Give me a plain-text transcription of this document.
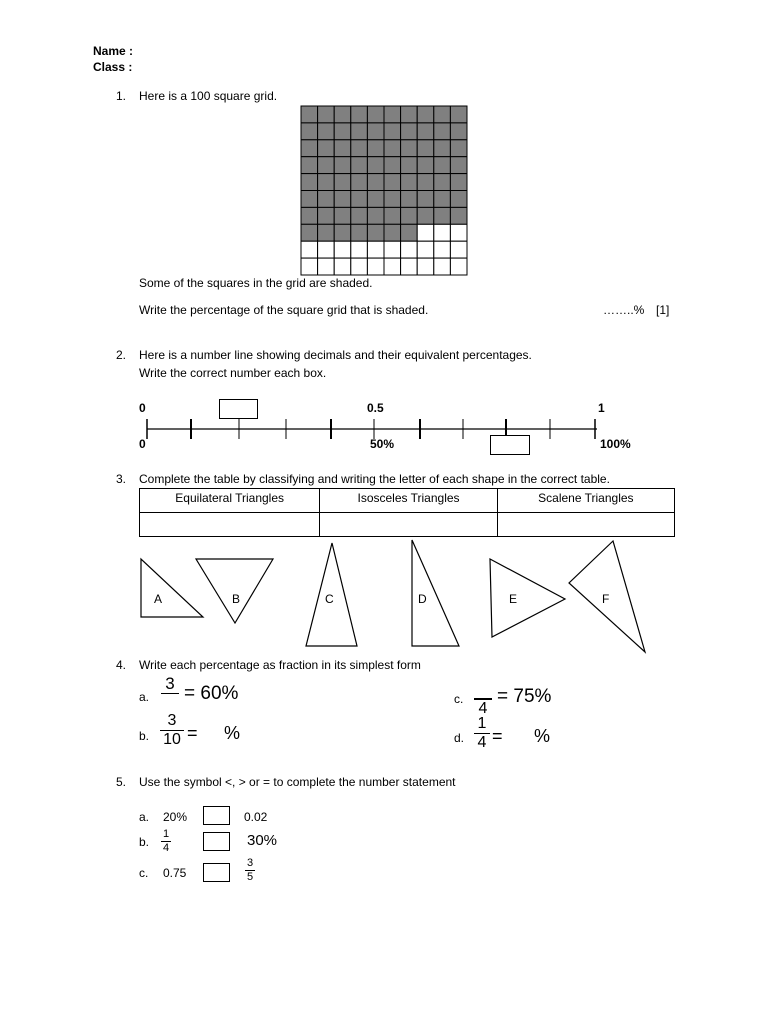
Name :
Class :
1. Here is a 100 square grid.
Some of the squares in the grid are shaded.
Write the percentage of the square grid that is shaded.	……..% [1]
2. Here is a number line showing decimals and their equivalent percentages.
Write the correct number each box.
0	0.5	1
0	50%	100%
3. Complete the table by classifying and writing the letter of each shape in the correct table.
Equilateral Triangles	Isosceles Triangles	Scalene Triangles

A	B	C	D	E	F
4. Write each percentage as fraction in its simplest form
a.
3
= 60%
b. $\frac{3}{10}$ = %
c.

4
= 75%
d. $\frac{1}{4}$ = %
5. Use the symbol <, > or = to complete the number statement
a. 20%	0.02
b. $\frac{1}{4}$	30%
c. 0.75	$\frac{3}{5}$
